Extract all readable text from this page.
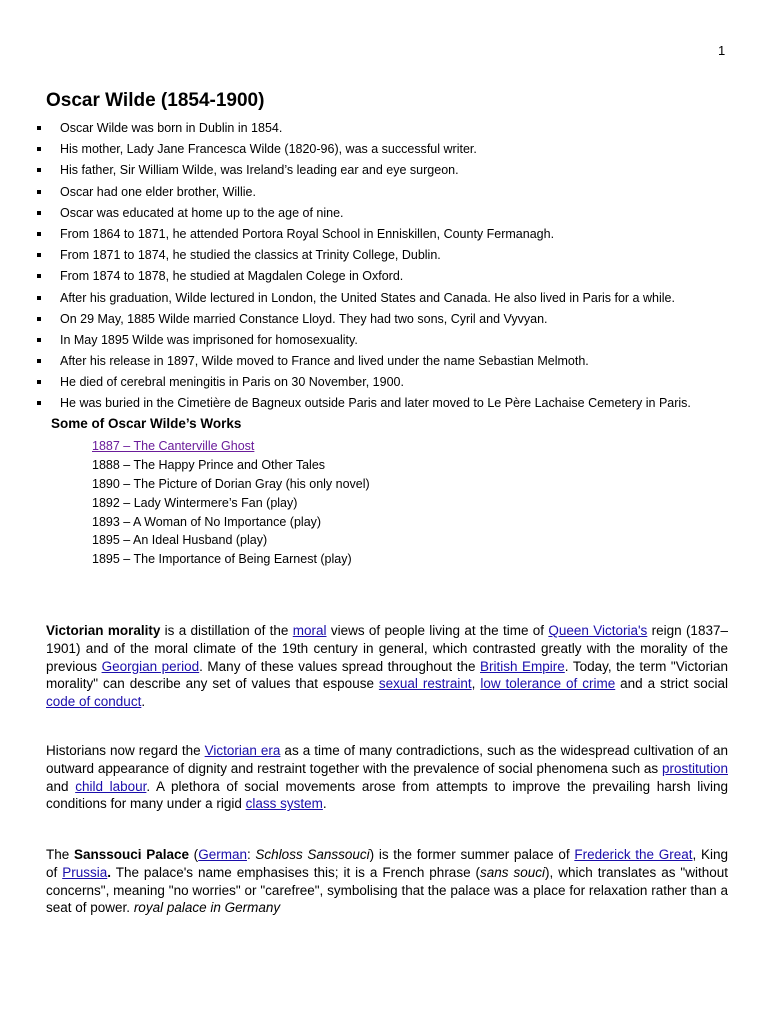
1
Oscar Wilde (1854-1900)
Oscar Wilde was born in Dublin in 1854.
His mother, Lady Jane Francesca Wilde (1820-96), was a successful writer.
His father, Sir William Wilde, was Ireland’s leading ear and eye surgeon.
Oscar had one elder brother, Willie.
Oscar was educated at home up to the age of nine.
From 1864 to 1871, he attended Portora Royal School in Enniskillen, County Fermanagh.
From 1871 to 1874, he studied the classics at Trinity College, Dublin.
From 1874 to 1878, he studied at Magdalen Colege in Oxford.
After his graduation, Wilde lectured in London, the United States and Canada. He also lived in Paris for a while.
On 29 May, 1885 Wilde married Constance Lloyd. They had two sons, Cyril and Vyvyan.
In May 1895 Wilde was imprisoned for homosexuality.
After his release in 1897, Wilde moved to France and lived under the name Sebastian Melmoth.
He died of cerebral meningitis in Paris on 30 November, 1900.
He was buried in the Cimetière de Bagneux outside Paris and later moved to Le Père Lachaise Cemetery in Paris.
Some of Oscar Wilde’s Works
1887 – The Canterville Ghost
1888 – The Happy Prince and Other Tales
1890 – The Picture of Dorian Gray (his only novel)
1892 – Lady Wintermere’s Fan (play)
1893 – A Woman of No Importance (play)
1895 – An Ideal Husband (play)
1895 – The Importance of Being Earnest (play)

Victorian morality is a distillation of the moral views of people living at the time of Queen Victoria's reign (1837–1901) and of the moral climate of the 19th century in general, which contrasted greatly with the morality of the previous Georgian period. Many of these values spread throughout the British Empire. Today, the term "Victorian morality" can describe any set of values that espouse sexual restraint, low tolerance of crime and a strict social code of conduct.

Historians now regard the Victorian era as a time of many contradictions, such as the widespread cultivation of an outward appearance of dignity and restraint together with the prevalence of social phenomena such as prostitution and child labour. A plethora of social movements arose from attempts to improve the prevailing harsh living conditions for many under a rigid class system.

The Sanssouci Palace (German: Schloss Sanssouci) is the former summer palace of Frederick the Great, King of Prussia. The palace's name emphasises this; it is a French phrase (sans souci), which translates as "without concerns", meaning "no worries" or "carefree", symbolising that the palace was a place for relaxation rather than a seat of power. royal palace in Germany
